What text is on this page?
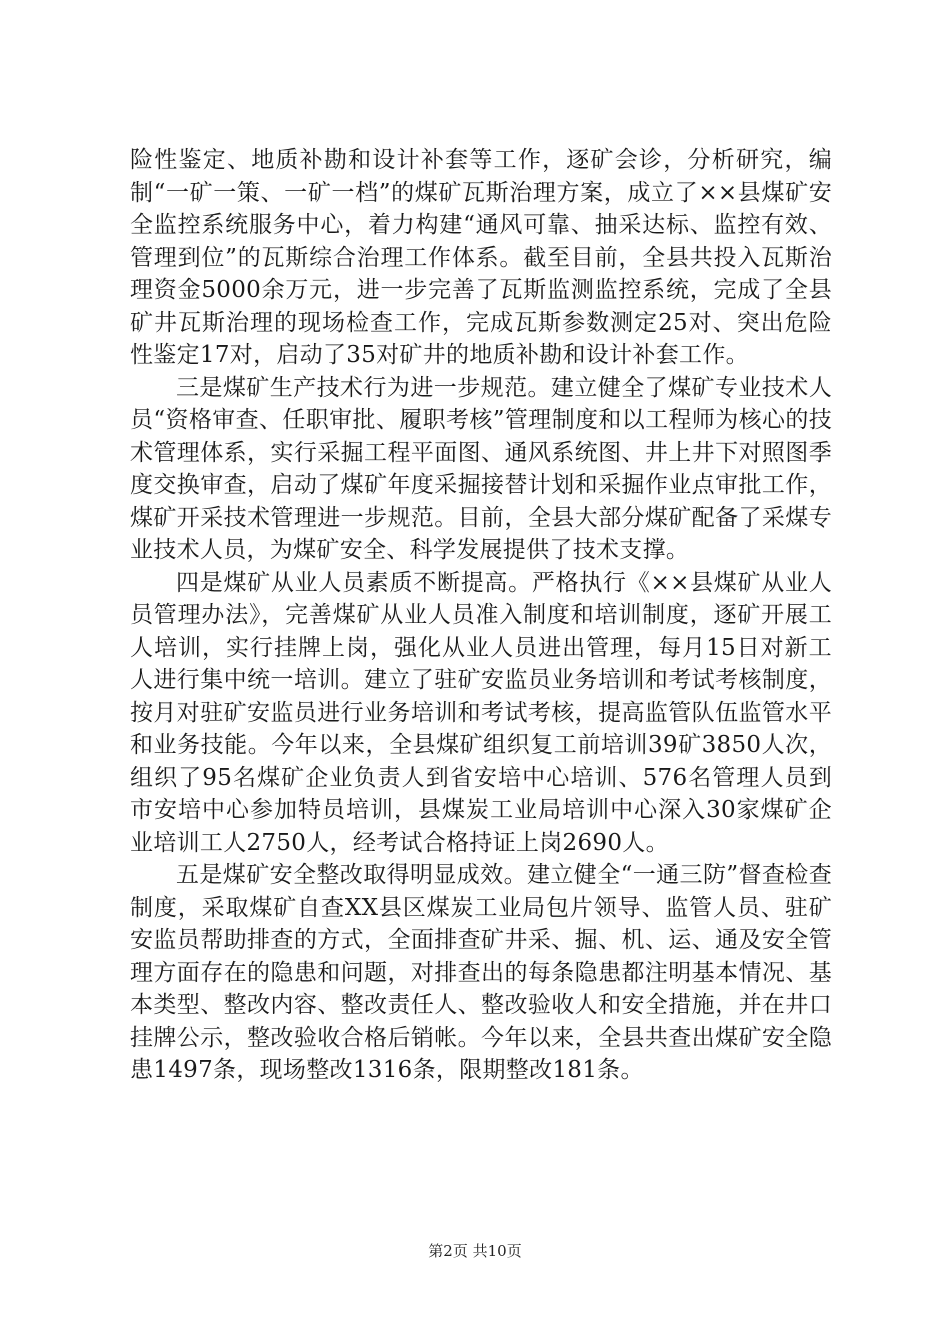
险性鉴定、地质补勘和设计补套等工作，逐矿会诊，分析研究，编制“一矿一策、一矿一档”的煤矿瓦斯治理方案，成立了××县煤矿安全监控系统服务中心，着力构建“通风可靠、抽采达标、监控有效、管理到位”的瓦斯综合治理工作体系。截至目前，全县共投入瓦斯治理资金5000余万元，进一步完善了瓦斯监测监控系统，完成了全县矿井瓦斯治理的现场检查工作，完成瓦斯参数测定25对、突出危险性鉴定17对，启动了35对矿井的地质补勘和设计补套工作。

三是煤矿生产技术行为进一步规范。建立健全了煤矿专业技术人员“资格审查、任职审批、履职考核”管理制度和以工程师为核心的技术管理体系，实行采掘工程平面图、通风系统图、井上井下对照图季度交换审查，启动了煤矿年度采掘接替计划和采掘作业点审批工作，煤矿开采技术管理进一步规范。目前，全县大部分煤矿配备了采煤专业技术人员，为煤矿安全、科学发展提供了技术支撑。

四是煤矿从业人员素质不断提高。严格执行《××县煤矿从业人员管理办法》，完善煤矿从业人员准入制度和培训制度，逐矿开展工人培训，实行挂牌上岗，强化从业人员进出管理，每月15日对新工人进行集中统一培训。建立了驻矿安监员业务培训和考试考核制度，按月对驻矿安监员进行业务培训和考试考核，提高监管队伍监管水平和业务技能。今年以来，全县煤矿组织复工前培训39矿3850人次，组织了95名煤矿企业负责人到省安培中心培训、576名管理人员到市安培中心参加特员培训，县煤炭工业局培训中心深入30家煤矿企业培训工人2750人，经考试合格持证上岗2690人。

五是煤矿安全整改取得明显成效。建立健全“一通三防”督查检查制度，采取煤矿自查XX县区煤炭工业局包片领导、监管人员、驻矿安监员帮助排查的方式，全面排查矿井采、掘、机、运、通及安全管理方面存在的隐患和问题，对排查出的每条隐患都注明基本情况、基本类型、整改内容、整改责任人、整改验收人和安全措施，并在井口挂牌公示，整改验收合格后销帐。今年以来，全县共查出煤矿安全隐患1497条，现场整改1316条，限期整改181条。

第2页 共10页
